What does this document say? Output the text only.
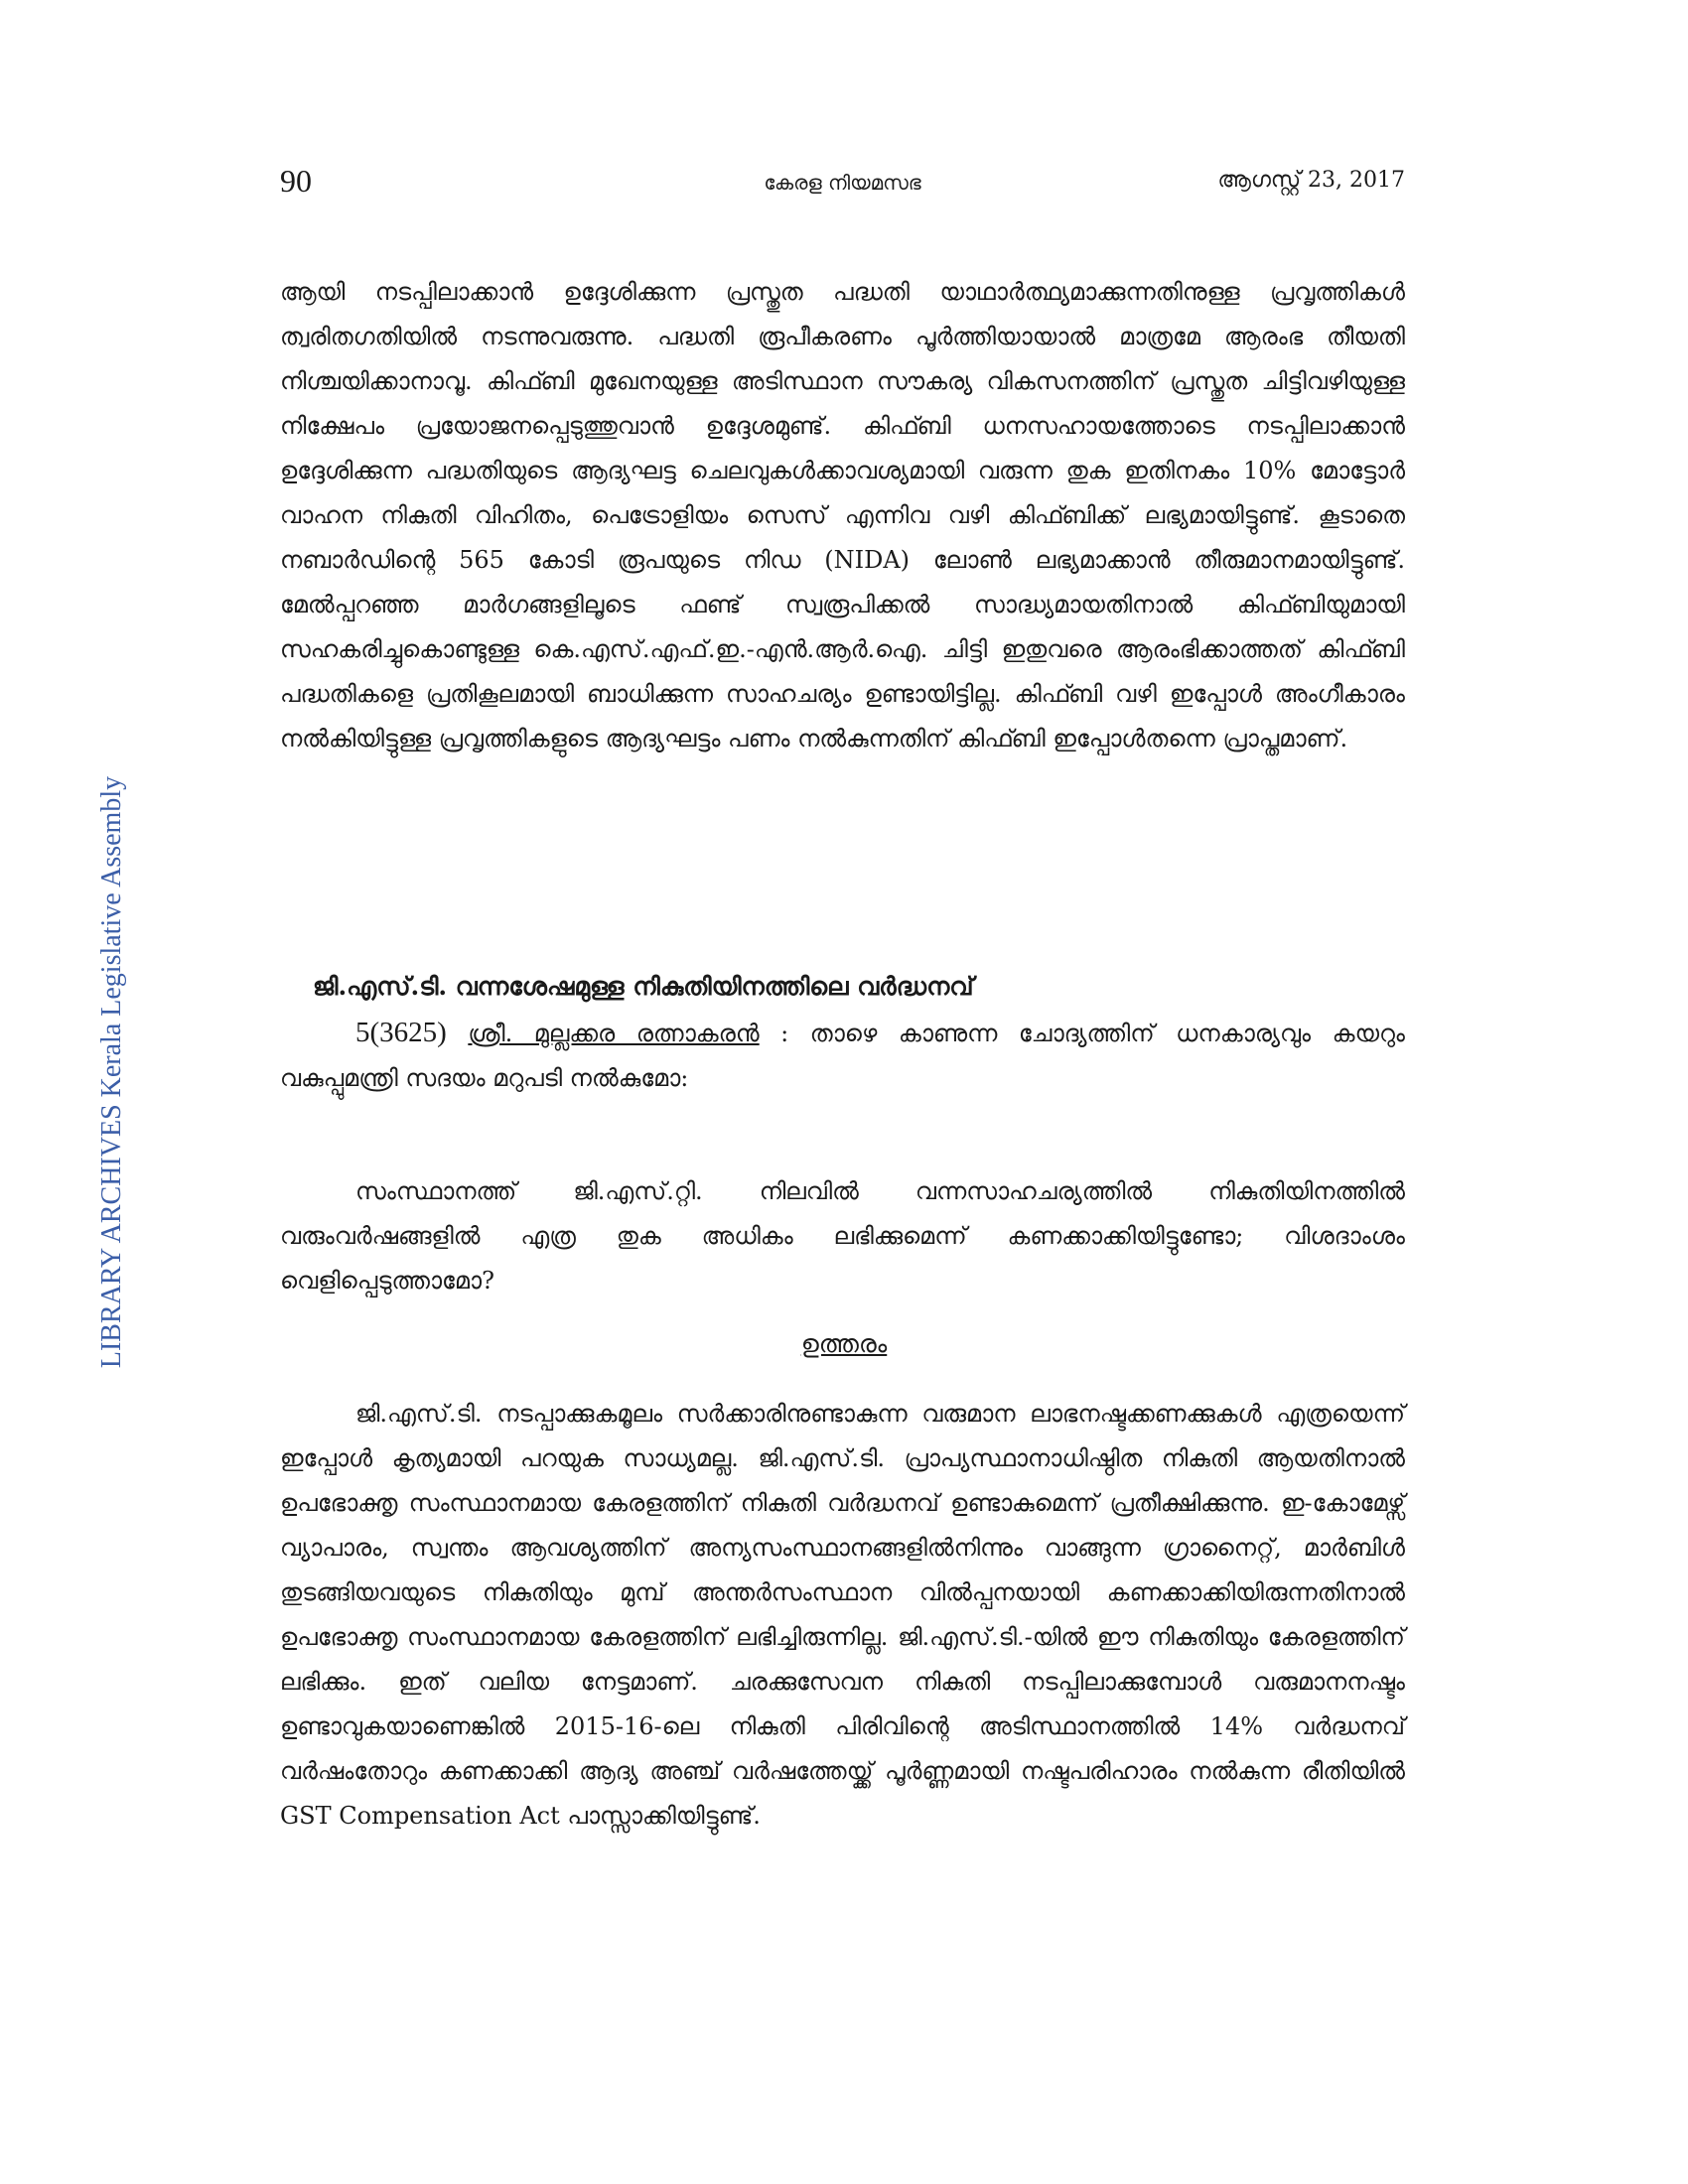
90	കേരള നിയമസഭ	ആഗസ്റ്റ് 23, 2017
LIBRARY ARCHIVES Kerala Legislative Assembly

ആയി നടപ്പിലാക്കാൻ ഉദ്ദേശിക്കുന്ന പ്രസ്തുത പദ്ധതി യാഥാർത്ഥ്യമാക്കുന്നതിനുള്ള പ്രവൃത്തികൾ ത്വരിതഗതിയിൽ നടന്നുവരുന്നു. പദ്ധതി രൂപീകരണം പൂർത്തിയായാൽ മാത്രമേ ആരംഭ തീയതി നിശ്ചയിക്കാനാവൂ. കിഫ്ബി മുഖേനയുള്ള അടിസ്ഥാന സൗകര്യ വികസനത്തിന് പ്രസ്തുത ചിട്ടിവഴിയുള്ള നിക്ഷേപം പ്രയോജനപ്പെടുത്തുവാൻ ഉദ്ദേശമുണ്ട്. കിഫ്ബി ധനസഹായത്തോടെ നടപ്പിലാക്കാൻ ഉദ്ദേശിക്കുന്ന പദ്ധതിയുടെ ആദ്യഘട്ട ചെലവുകൾക്കാവശ്യമായി വരുന്ന തുക ഇതിനകം 10% മോട്ടോർ വാഹന നികുതി വിഹിതം, പെട്രോളിയം സെസ് എന്നിവ വഴി കിഫ്ബിക്ക് ലഭ്യമായിട്ടുണ്ട്. കൂടാതെ നബാർഡിന്റെ 565 കോടി രൂപയുടെ നിഡ (NIDA) ലോൺ ലഭ്യമാക്കാൻ തീരുമാനമായിട്ടുണ്ട്. മേൽപ്പറഞ്ഞ മാർഗങ്ങളിലൂടെ ഫണ്ട് സ്വരൂപിക്കൽ സാദ്ധ്യമായതിനാൽ കിഫ്ബിയുമായി സഹകരിച്ചുകൊണ്ടുള്ള കെ.എസ്.എഫ്.ഇ.-എൻ.ആർ.ഐ. ചിട്ടി ഇതുവരെ ആരംഭിക്കാത്തത് കിഫ്ബി പദ്ധതികളെ പ്രതികൂലമായി ബാധിക്കുന്ന സാഹചര്യം ഉണ്ടായിട്ടില്ല. കിഫ്ബി വഴി ഇപ്പോൾ അംഗീകാരം നൽകിയിട്ടുള്ള പ്രവൃത്തികളുടെ ആദ്യഘട്ടം പണം നൽകുന്നതിന് കിഫ്ബി ഇപ്പോൾതന്നെ പ്രാപ്തമാണ്.

ജി.എസ്.ടി. വന്നശേഷമുള്ള നികുതിയിനത്തിലെ വർദ്ധനവ്

5(3625) ശ്രീ. മുല്ലക്കര രത്നാകരൻ : താഴെ കാണുന്ന ചോദ്യത്തിന് ധനകാര്യവും കയറും വകുപ്പുമന്ത്രി സദയം മറുപടി നൽകുമോ:

സംസ്ഥാനത്ത് ജി.എസ്.റ്റി. നിലവിൽ വന്നസാഹചര്യത്തിൽ നികുതിയിനത്തിൽ വരുംവർഷങ്ങളിൽ എത്ര തുക അധികം ലഭിക്കുമെന്ന് കണക്കാക്കിയിട്ടുണ്ടോ; വിശദാംശം വെളിപ്പെടുത്താമോ?

ഉത്തരം

ജി.എസ്.ടി. നടപ്പാക്കുകമൂലം സർക്കാരിനുണ്ടാകുന്ന വരുമാന ലാഭനഷ്ടക്കണക്കുകൾ എത്രയെന്ന് ഇപ്പോൾ കൃത്യമായി പറയുക സാധ്യമല്ല. ജി.എസ്.ടി. പ്രാപ്യസ്ഥാനാധിഷ്ഠിത നികുതി ആയതിനാൽ ഉപഭോക്തൃ സംസ്ഥാനമായ കേരളത്തിന് നികുതി വർദ്ധനവ് ഉണ്ടാകുമെന്ന് പ്രതീക്ഷിക്കുന്നു. ഇ-കോമേഴ്സ് വ്യാപാരം, സ്വന്തം ആവശ്യത്തിന് അന്യസംസ്ഥാനങ്ങളിൽനിന്നും വാങ്ങുന്ന ഗ്രാനൈറ്റ്, മാർബിൾ തുടങ്ങിയവയുടെ നികുതിയും മുമ്പ് അന്തർസംസ്ഥാന വിൽപ്പനയായി കണക്കാക്കിയിരുന്നതിനാൽ ഉപഭോക്തൃ സംസ്ഥാനമായ കേരളത്തിന് ലഭിച്ചിരുന്നില്ല. ജി.എസ്.ടി.-യിൽ ഈ നികുതിയും കേരളത്തിന് ലഭിക്കും. ഇത് വലിയ നേട്ടമാണ്. ചരക്കുസേവന നികുതി നടപ്പിലാക്കുമ്പോൾ വരുമാനനഷ്ടം ഉണ്ടാവുകയാണെങ്കിൽ 2015-16-ലെ നികുതി പിരിവിന്റെ അടിസ്ഥാനത്തിൽ 14% വർദ്ധനവ് വർഷംതോറും കണക്കാക്കി ആദ്യ അഞ്ച് വർഷത്തേയ്ക്ക് പൂർണ്ണമായി നഷ്ടപരിഹാരം നൽകുന്ന രീതിയിൽ GST Compensation Act പാസ്സാക്കിയിട്ടുണ്ട്.
